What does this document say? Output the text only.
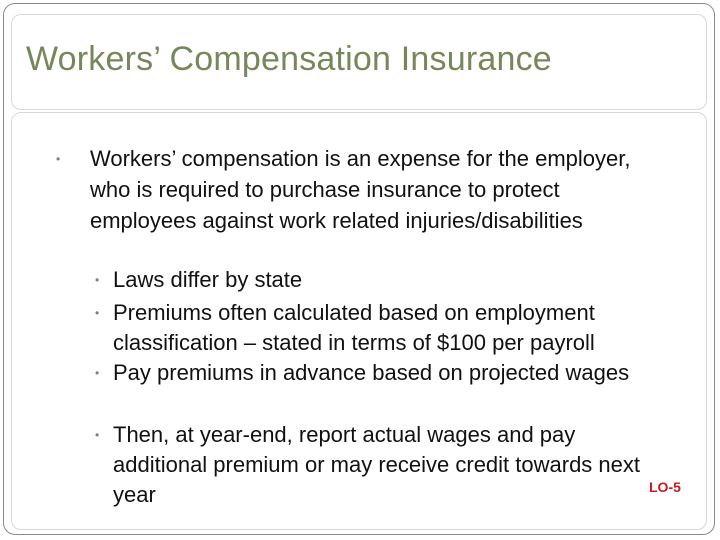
Workers’ Compensation Insurance
• Workers’ compensation is an expense for the employer, who is required to purchase insurance to protect employees against work related injuries/disabilities
• Laws differ by state
• Premiums often calculated based on employment classification – stated in terms of $100 per payroll
• Pay premiums in advance based on projected wages
• Then, at year-end, report actual wages and pay additional premium or may receive credit towards next year	LO-5
